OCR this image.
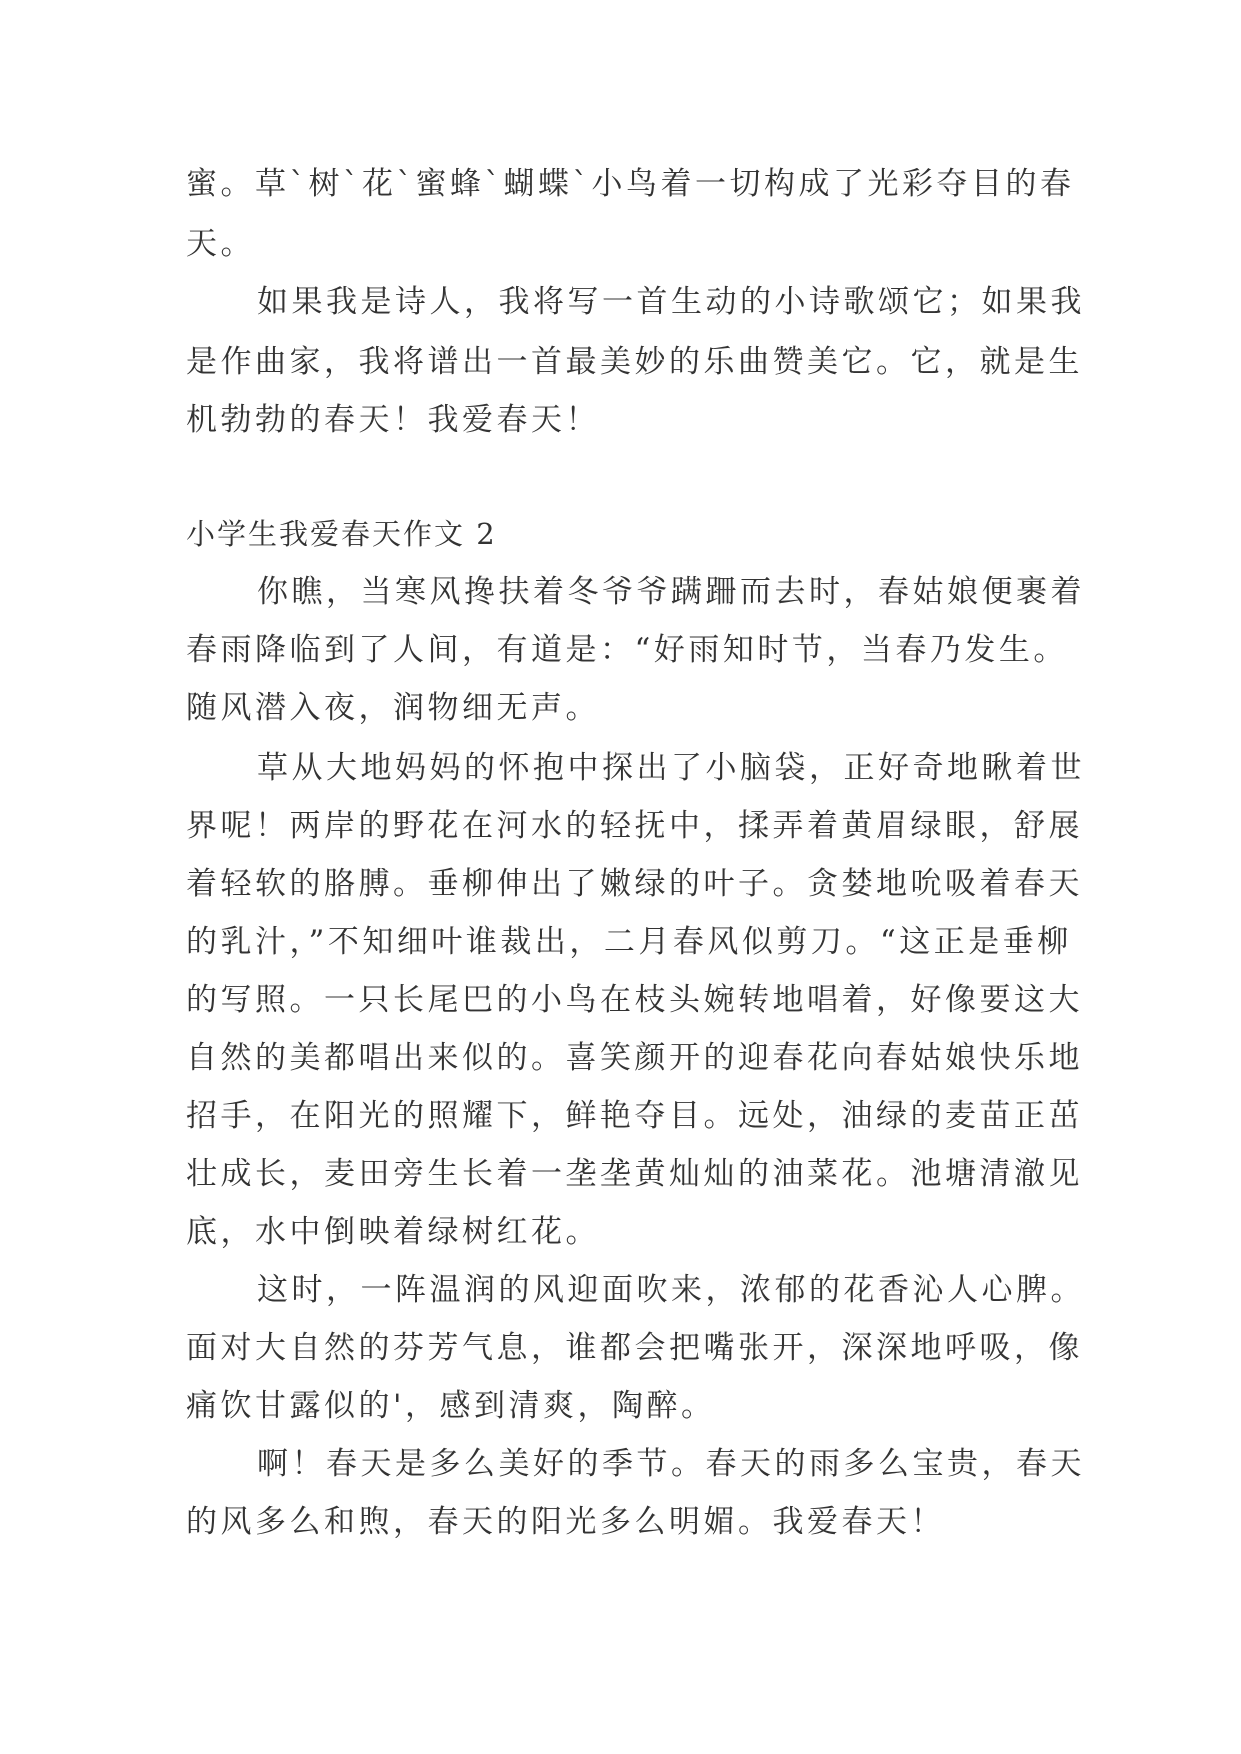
蜜。草`树`花`蜜蜂`蝴蝶`小鸟着一切构成了光彩夺目的春
天。
如果我是诗人，我将写一首生动的小诗歌颂它；如果我
是作曲家，我将谱出一首最美妙的乐曲赞美它。它，就是生
机勃勃的春天！我爱春天！
小学生我爱春天作文 2
你瞧，当寒风搀扶着冬爷爷蹒跚而去时，春姑娘便裹着
春雨降临到了人间，有道是：“好雨知时节，当春乃发生。
随风潜入夜，润物细无声。
草从大地妈妈的怀抱中探出了小脑袋，正好奇地瞅着世
界呢！两岸的野花在河水的轻抚中，揉弄着黄眉绿眼，舒展
着轻软的胳膊。垂柳伸出了嫩绿的叶子。贪婪地吮吸着春天
的乳汁，”不知细叶谁裁出，二月春风似剪刀。“这正是垂柳
的写照。一只长尾巴的小鸟在枝头婉转地唱着，好像要这大
自然的美都唱出来似的。喜笑颜开的迎春花向春姑娘快乐地
招手，在阳光的照耀下，鲜艳夺目。远处，油绿的麦苗正茁
壮成长，麦田旁生长着一垄垄黄灿灿的油菜花。池塘清澈见
底，水中倒映着绿树红花。
这时，一阵温润的风迎面吹来，浓郁的花香沁人心脾。
面对大自然的芬芳气息，谁都会把嘴张开，深深地呼吸，像
痛饮甘露似的'，感到清爽，陶醉。
啊！春天是多么美好的季节。春天的雨多么宝贵，春天
的风多么和煦，春天的阳光多么明媚。我爱春天！
